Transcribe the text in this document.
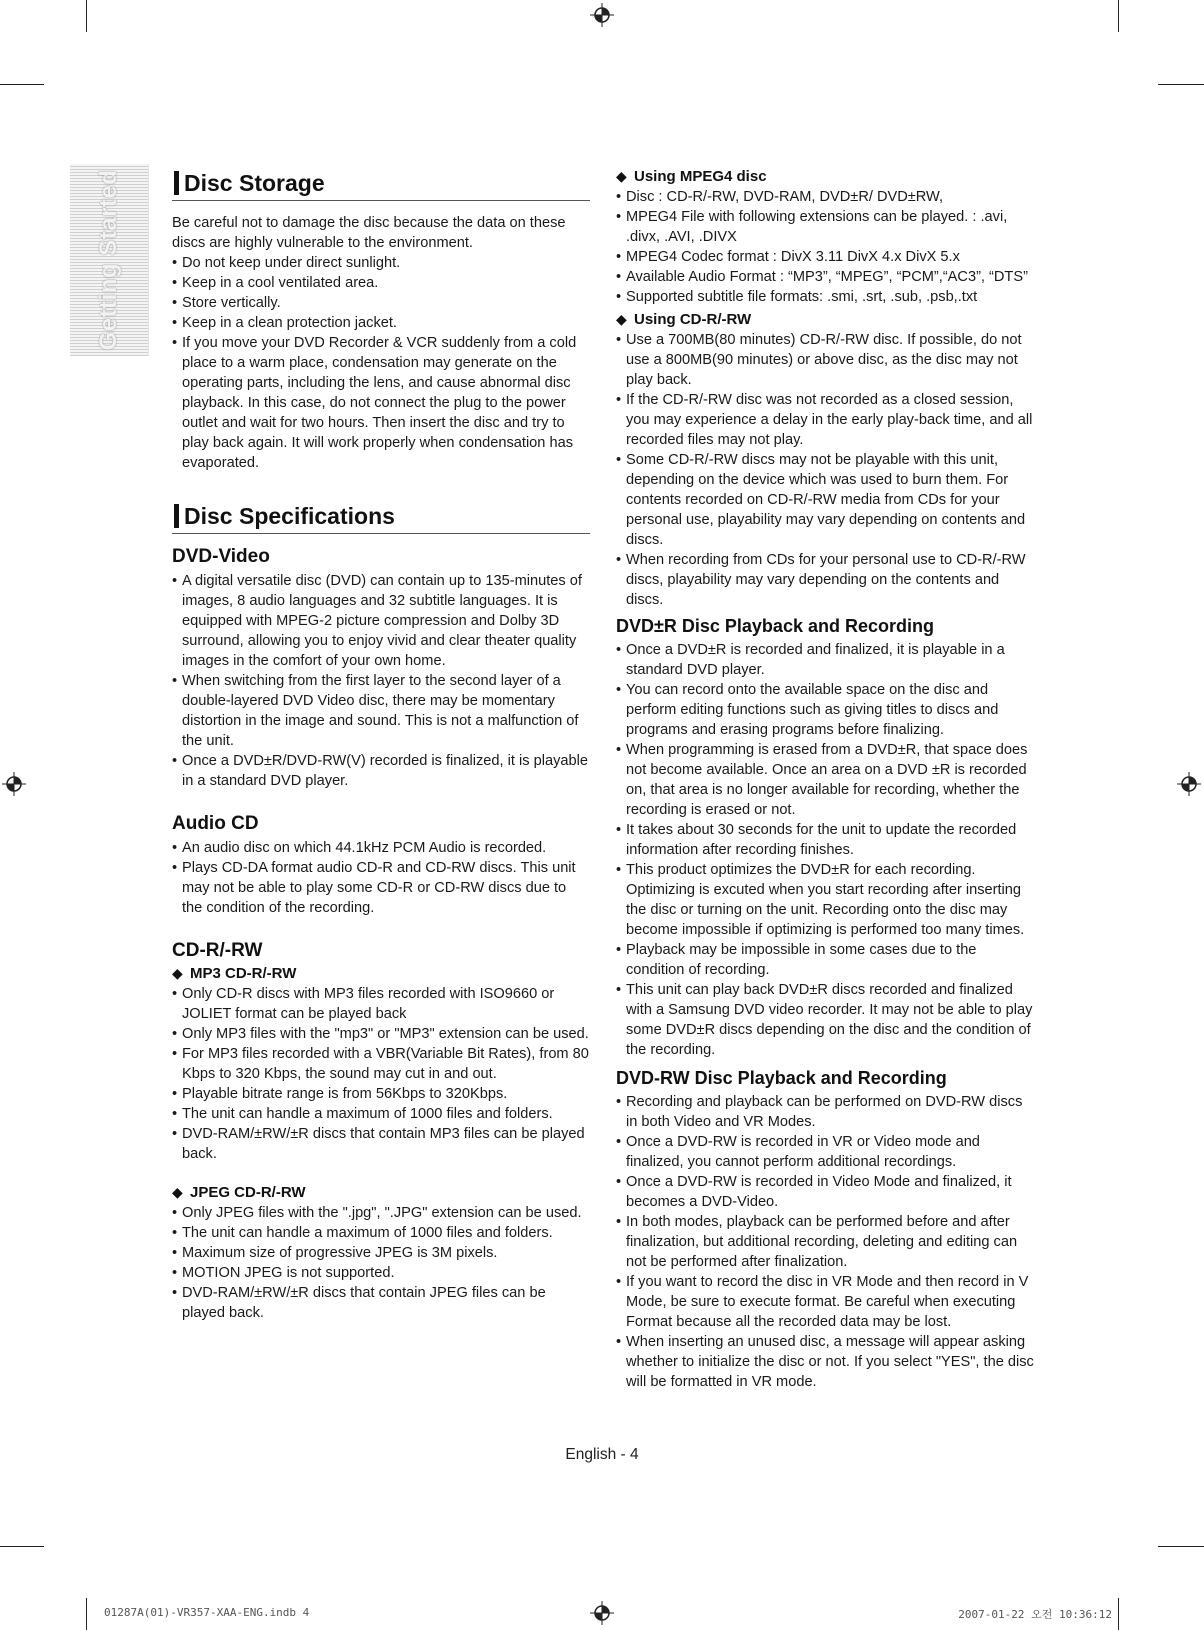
Getting Started	Disc Storage

Be careful not to damage the disc because the data on these discs are highly vulnerable to the environment.

• Do not keep under direct sunlight.
• Keep in a cool ventilated area.
• Store vertically.
• Keep in a clean protection jacket.
• If you move your DVD Recorder & VCR suddenly from a cold place to a warm place, condensation may generate on the operating parts, including the lens, and cause abnormal disc playback. In this case, do not connect the plug to the power outlet and wait for two hours. Then insert the disc and try to play back again. It will work properly when condensation has evaporated.
Disc Specifications
DVD-Video
• A digital versatile disc (DVD) can contain up to 135-minutes of images, 8 audio languages and 32 subtitle languages. It is equipped with MPEG-2 picture compression and Dolby 3D surround, allowing you to enjoy vivid and clear theater quality images in the comfort of your own home.
• When switching from the first layer to the second layer of a double-layered DVD Video disc, there may be momentary distortion in the image and sound. This is not a malfunction of the unit.
• Once a DVD±R/DVD-RW(V) recorded is finalized, it is playable in a standard DVD player.
Audio CD
• An audio disc on which 44.1kHz PCM Audio is recorded.
• Plays CD-DA format audio CD-R and CD-RW discs. This unit may not be able to play some CD-R or CD-RW discs due to the condition of the recording.
CD-R/-RW
◆ MP3 CD-R/-RW
• Only CD-R discs with MP3 files recorded with ISO9660 or JOLIET format can be played back
• Only MP3 files with the "mp3" or "MP3" extension can be used.
• For MP3 files recorded with a VBR(Variable Bit Rates), from 80 Kbps to 320 Kbps, the sound may cut in and out.
• Playable bitrate range is from 56Kbps to 320Kbps.
• The unit can handle a maximum of 1000 files and folders.
• DVD-RAM/±RW/±R discs that contain MP3 files can be played back.
◆ JPEG CD-R/-RW
• Only JPEG files with the ".jpg", ".JPG" extension can be used.
• The unit can handle a maximum of 1000 files and folders.
• Maximum size of progressive JPEG is 3M pixels.
• MOTION JPEG is not supported.
• DVD-RAM/±RW/±R discs that contain JPEG files can be played back.
◆ Using MPEG4 disc
• Disc : CD-R/-RW, DVD-RAM, DVD±R/ DVD±RW,
• MPEG4 File with following extensions can be played. : .avi, .divx, .AVI, .DIVX
• MPEG4 Codec format : DivX 3.11 DivX 4.x DivX 5.x
• Available Audio Format : “MP3”, “MPEG”, “PCM”,“AC3”, “DTS”
• Supported subtitle file formats: .smi, .srt, .sub, .psb,.txt
◆ Using CD-R/-RW
• Use a 700MB(80 minutes) CD-R/-RW disc. If possible, do not use a 800MB(90 minutes) or above disc, as the disc may not play back.
• If the CD-R/-RW disc was not recorded as a closed session, you may experience a delay in the early play-back time, and all recorded files may not play.
• Some CD-R/-RW discs may not be playable with this unit, depending on the device which was used to burn them. For contents recorded on CD-R/-RW media from CDs for your personal use, playability may vary depending on contents and discs.
• When recording from CDs for your personal use to CD-R/-RW discs, playability may vary depending on the contents and discs.
DVD±R Disc Playback and Recording
• Once a DVD±R is recorded and finalized, it is playable in a standard DVD player.
• You can record onto the available space on the disc and perform editing functions such as giving titles to discs and programs and erasing programs before finalizing.
• When programming is erased from a DVD±R, that space does not become available. Once an area on a DVD ±R is recorded on, that area is no longer available for recording, whether the recording is erased or not.
• It takes about 30 seconds for the unit to update the recorded information after recording finishes.
• This product optimizes the DVD±R for each recording. Optimizing is excuted when you start recording after inserting the disc or turning on the unit. Recording onto the disc may become impossible if optimizing is performed too many times.
• Playback may be impossible in some cases due to the condition of recording.
• This unit can play back DVD±R discs recorded and finalized with a Samsung DVD video recorder. It may not be able to play some DVD±R discs depending on the disc and the condition of the recording.
DVD-RW Disc Playback and Recording
• Recording and playback can be performed on DVD-RW discs in both Video and VR Modes.
• Once a DVD-RW is recorded in VR or Video mode and finalized, you cannot perform additional recordings.
• Once a DVD-RW is recorded in Video Mode and finalized, it becomes a DVD-Video.
• In both modes, playback can be performed before and after finalization, but additional recording, deleting and editing can not be performed after finalization.
• If you want to record the disc in VR Mode and then record in V Mode, be sure to execute format. Be careful when executing Format because all the recorded data may be lost.
• When inserting an unused disc, a message will appear asking whether to initialize the disc or not. If you select "YES", the disc will be formatted in VR mode.
English - 4
01287A(01)-VR357-XAA-ENG.indb 4	2007-01-22 오전 10:36:12
